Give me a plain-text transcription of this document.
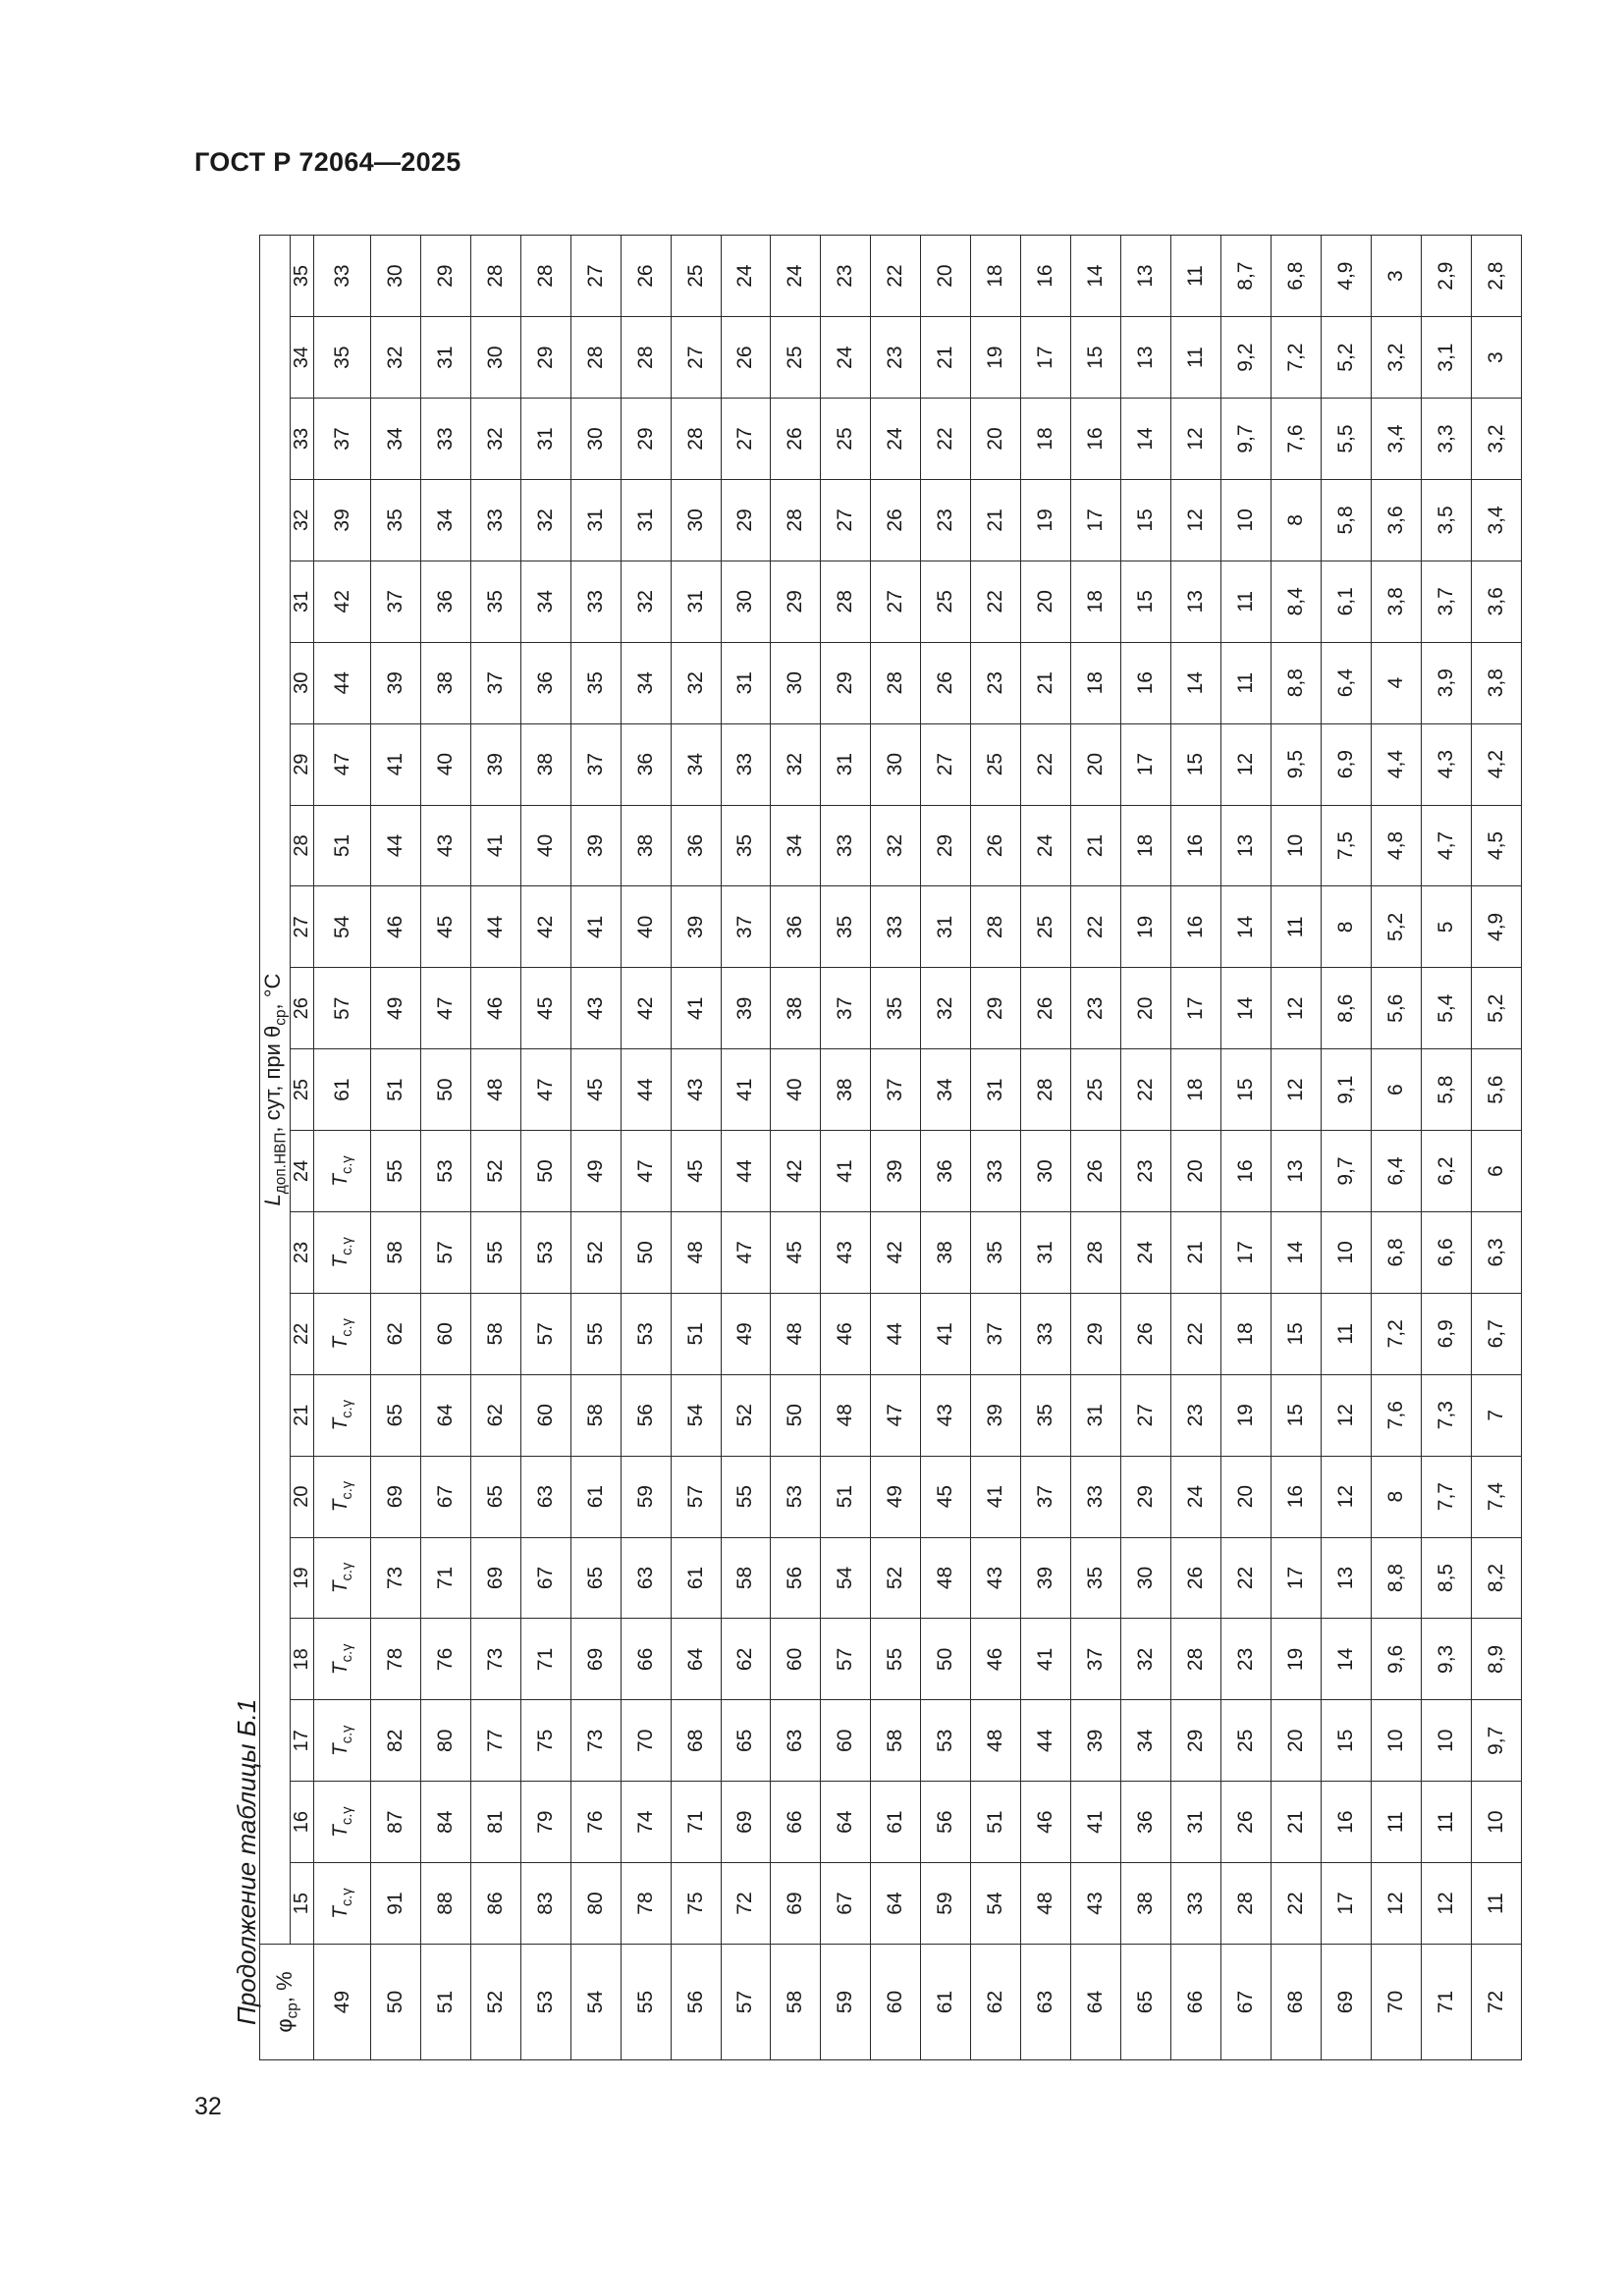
ГОСТ Р 72064—2025
Продолжение таблицы Б.1
32
$\varphi_{ср}$, %	$L_{доп.НВП}$, сут, при $\theta_{ср}$, °С																				
	15	16	17	18	19	20	21	22	23	24	25	26	27	28	29	30	31	32	33	34	35
49	$T_{с.\gamma}$	$T_{с.\gamma}$	$T_{с.\gamma}$	$T_{с.\gamma}$	$T_{с.\gamma}$	$T_{с.\gamma}$	$T_{с.\gamma}$	$T_{с.\gamma}$	$T_{с.\gamma}$	$T_{с.\gamma}$	61	57	54	51	47	44	42	39	37	35	33
50	91	87	82	78	73	69	65	62	58	55	51	49	46	44	41	39	37	35	34	32	30
51	88	84	80	76	71	67	64	60	57	53	50	47	45	43	40	38	36	34	33	31	29
52	86	81	77	73	69	65	62	58	55	52	48	46	44	41	39	37	35	33	32	30	28
53	83	79	75	71	67	63	60	57	53	50	47	45	42	40	38	36	34	32	31	29	28
54	80	76	73	69	65	61	58	55	52	49	45	43	41	39	37	35	33	31	30	28	27
55	78	74	70	66	63	59	56	53	50	47	44	42	40	38	36	34	32	31	29	28	26
56	75	71	68	64	61	57	54	51	48	45	43	41	39	36	34	32	31	30	28	27	25
57	72	69	65	62	58	55	52	49	47	44	41	39	37	35	33	31	30	29	27	26	24
58	69	66	63	60	56	53	50	48	45	42	40	38	36	34	32	30	29	28	26	25	24
59	67	64	60	57	54	51	48	46	43	41	38	37	35	33	31	29	28	27	25	24	23
60	64	61	58	55	52	49	47	44	42	39	37	35	33	32	30	28	27	26	24	23	22
61	59	56	53	50	48	45	43	41	38	36	34	32	31	29	27	26	25	23	22	21	20
62	54	51	48	46	43	41	39	37	35	33	31	29	28	26	25	23	22	21	20	19	18
63	48	46	44	41	39	37	35	33	31	30	28	26	25	24	22	21	20	19	18	17	16
64	43	41	39	37	35	33	31	29	28	26	25	23	22	21	20	18	18	17	16	15	14
65	38	36	34	32	30	29	27	26	24	23	22	20	19	18	17	16	15	15	14	13	13
66	33	31	29	28	26	24	23	22	21	20	18	17	16	16	15	14	13	12	12	11	11
67	28	26	25	23	22	20	19	18	17	16	15	14	14	13	12	11	11	10	9,7	9,2	8,7
68	22	21	20	19	17	16	15	15	14	13	12	12	11	10	9,5	8,8	8,4	8	7,6	7,2	6,8
69	17	16	15	14	13	12	12	11	10	9,7	9,1	8,6	8	7,5	6,9	6,4	6,1	5,8	5,5	5,2	4,9
70	12	11	10	9,6	8,8	8	7,6	7,2	6,8	6,4	6	5,6	5,2	4,8	4,4	4	3,8	3,6	3,4	3,2	3
71	12	11	10	9,3	8,5	7,7	7,3	6,9	6,6	6,2	5,8	5,4	5	4,7	4,3	3,9	3,7	3,5	3,3	3,1	2,9
72	11	10	9,7	8,9	8,2	7,4	7	6,7	6,3	6	5,6	5,2	4,9	4,5	4,2	3,8	3,6	3,4	3,2	3	2,8
